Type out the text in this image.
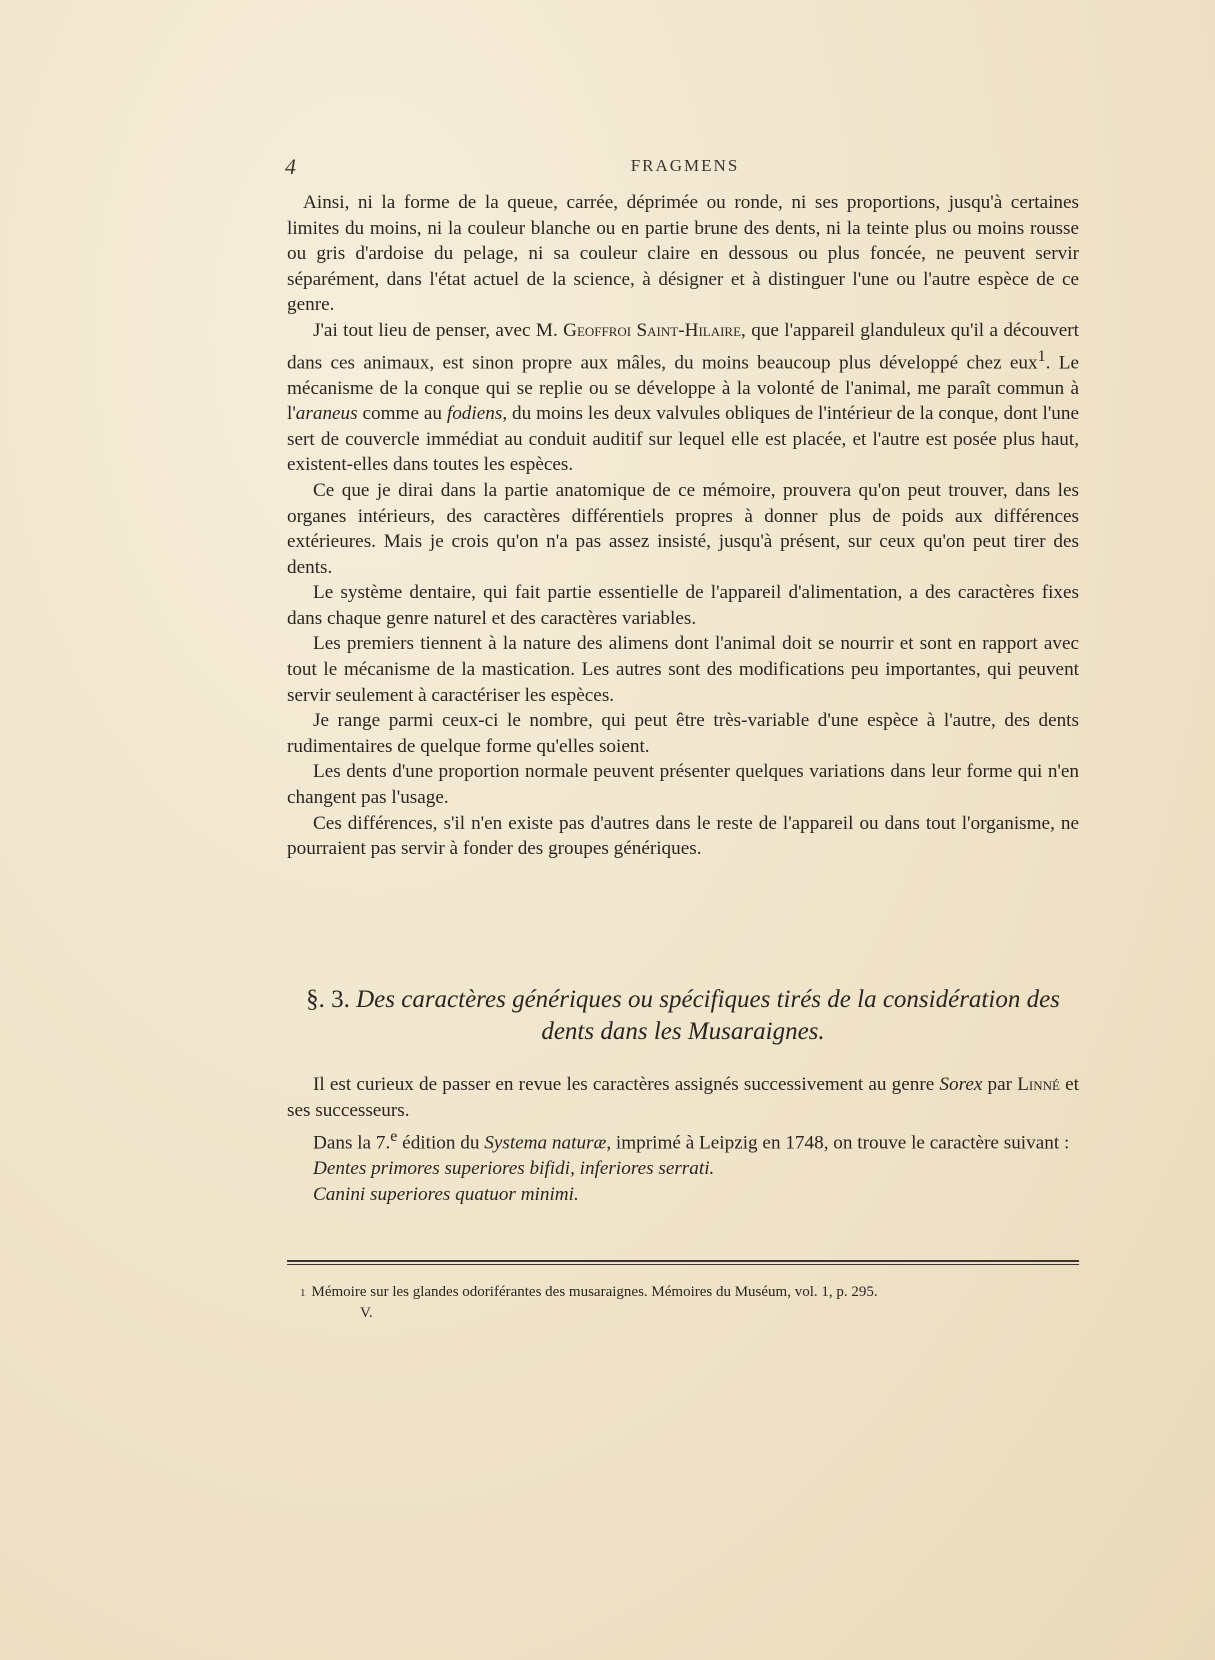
4	FRAGMENS

Ainsi, ni la forme de la queue, carrée, déprimée ou ronde, ni ses proportions, jusqu'à certaines limites du moins, ni la couleur blanche ou en partie brune des dents, ni la teinte plus ou moins rousse ou gris d'ardoise du pelage, ni sa couleur claire en dessous ou plus foncée, ne peuvent servir séparément, dans l'état actuel de la science, à désigner et à distinguer l'une ou l'autre espèce de ce genre.

J'ai tout lieu de penser, avec M. Geoffroi Saint-Hilaire, que l'appareil glanduleux qu'il a découvert dans ces animaux, est sinon propre aux mâles, du moins beaucoup plus développé chez eux$^1$. Le mécanisme de la conque qui se replie ou se développe à la volonté de l'animal, me paraît commun à l'araneus comme au fodiens, du moins les deux valvules obliques de l'intérieur de la conque, dont l'une sert de couvercle immédiat au conduit auditif sur lequel elle est placée, et l'autre est posée plus haut, existent-elles dans toutes les espèces.

Ce que je dirai dans la partie anatomique de ce mémoire, prouvera qu'on peut trouver, dans les organes intérieurs, des caractères différentiels propres à donner plus de poids aux différences extérieures. Mais je crois qu'on n'a pas assez insisté, jusqu'à présent, sur ceux qu'on peut tirer des dents.

Le système dentaire, qui fait partie essentielle de l'appareil d'alimentation, a des caractères fixes dans chaque genre naturel et des caractères variables.

Les premiers tiennent à la nature des alimens dont l'animal doit se nourrir et sont en rapport avec tout le mécanisme de la mastication. Les autres sont des modifications peu importantes, qui peuvent servir seulement à caractériser les espèces.

Je range parmi ceux-ci le nombre, qui peut être très-variable d'une espèce à l'autre, des dents rudimentaires de quelque forme qu'elles soient.

Les dents d'une proportion normale peuvent présenter quelques variations dans leur forme qui n'en changent pas l'usage.

Ces différences, s'il n'en existe pas d'autres dans le reste de l'appareil ou dans tout l'organisme, ne pourraient pas servir à fonder des groupes génériques.

§. 3. Des caractères génériques ou spécifiques tirés de la considération des dents dans les Musaraignes.

Il est curieux de passer en revue les caractères assignés successivement au genre Sorex par Linné et ses successeurs.

Dans la 7.$^e$ édition du Systema naturæ, imprimé à Leipzig en 1748, on trouve le caractère suivant :

Dentes primores superiores bifidi, inferiores serrati.

Canini superiores quatuor minimi.

1 Mémoire sur les glandes odoriférantes des musaraignes. Mémoires du Muséum, vol. 1, p. 295.
V.
